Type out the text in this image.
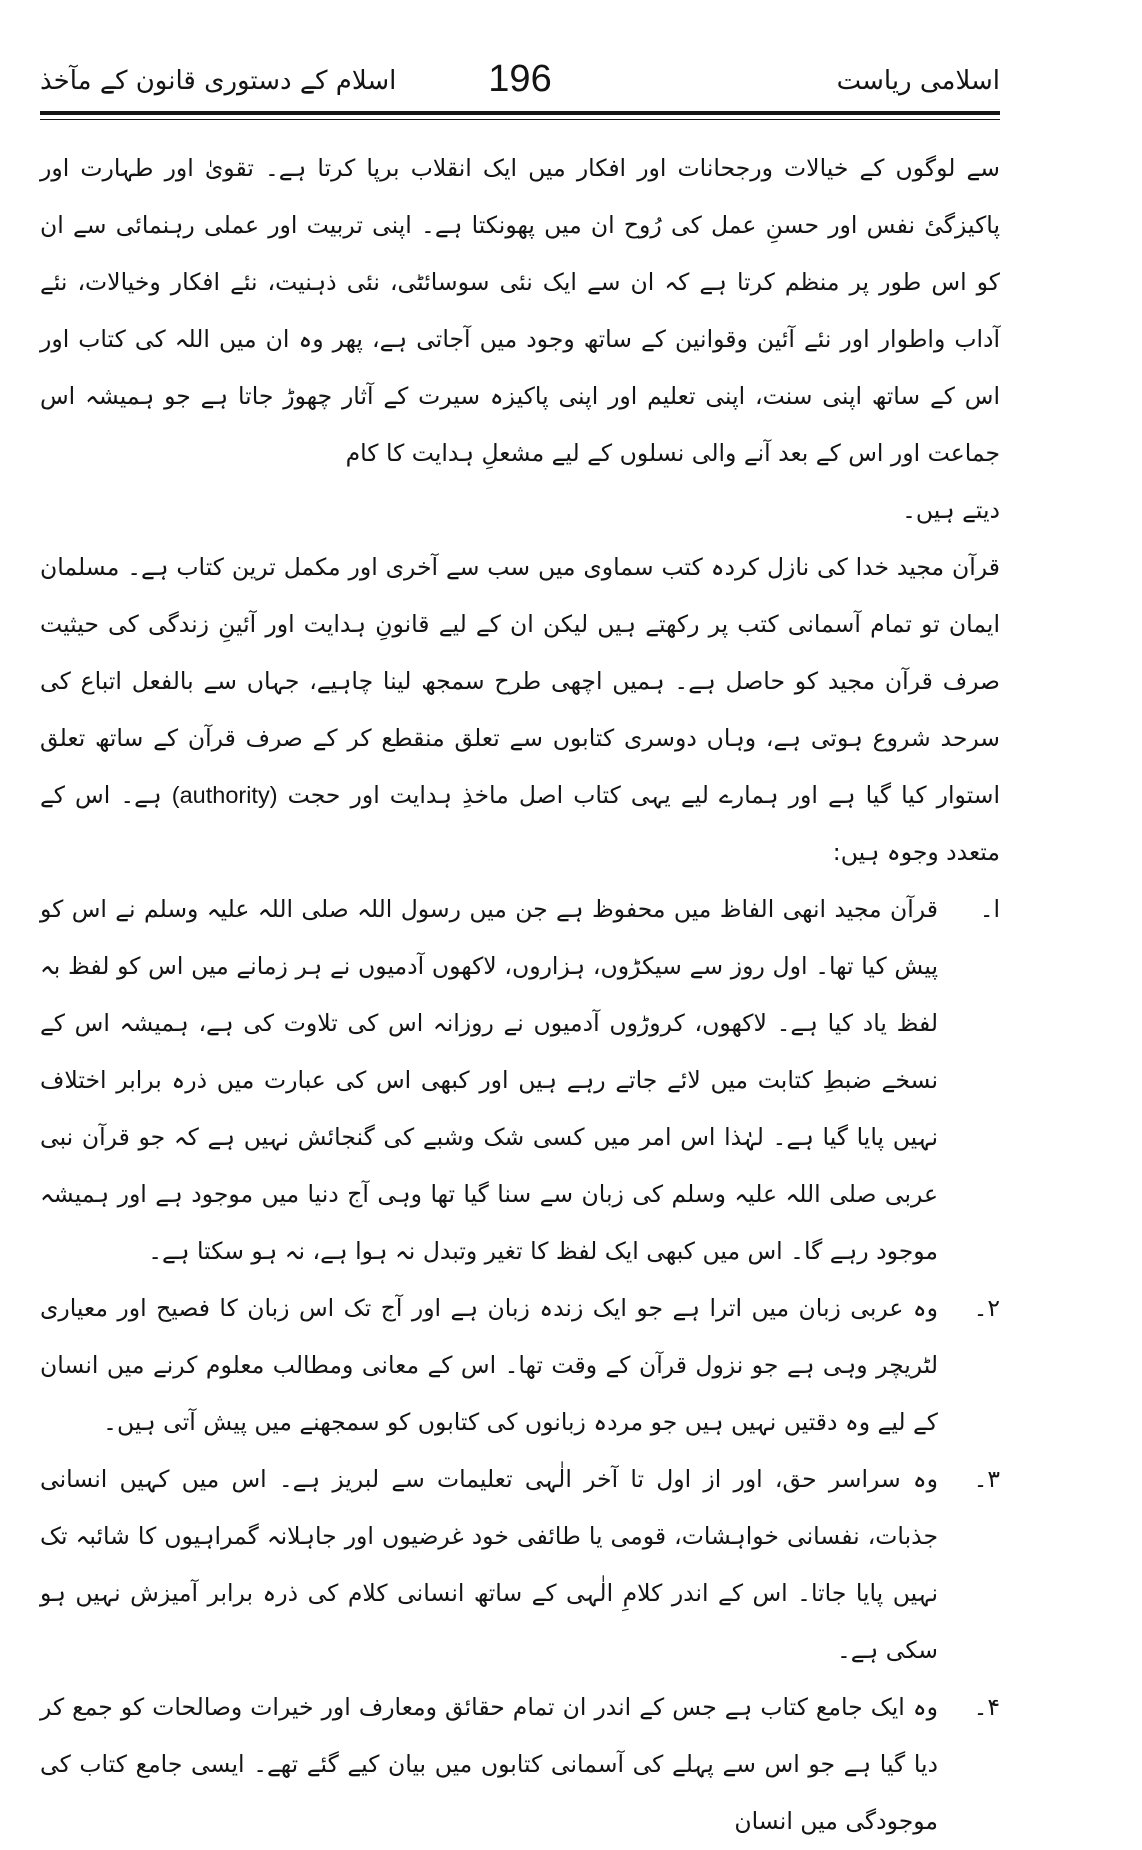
اسلامی ریاست
196
اسلام کے دستوری قانون کے مآخذ

سے لوگوں کے خیالات ورجحانات اور افکار میں ایک انقلاب برپا کرتا ہے۔ تقویٰ اور طہارت اور پاکیزگیٔ نفس اور حسنِ عمل کی رُوح ان میں پھونکتا ہے۔ اپنی تربیت اور عملی رہنمائی سے ان کو اس طور پر منظم کرتا ہے کہ ان سے ایک نئی سوسائٹی، نئی ذہنیت، نئے افکار وخیالات، نئے آداب واطوار اور نئے آئین وقوانین کے ساتھ وجود میں آجاتی ہے، پھر وہ ان میں اللہ کی کتاب اور اس کے ساتھ اپنی سنت، اپنی تعلیم اور اپنی پاکیزہ سیرت کے آثار چھوڑ جاتا ہے جو ہمیشہ اس جماعت اور اس کے بعد آنے والی نسلوں کے لیے مشعلِ ہدایت کا کام

دیتے ہیں۔

قرآن مجید خدا کی نازل کردہ کتب سماوی میں سب سے آخری اور مکمل ترین کتاب ہے۔ مسلمان ایمان تو تمام آسمانی کتب پر رکھتے ہیں لیکن ان کے لیے قانونِ ہدایت اور آئینِ زندگی کی حیثیت صرف قرآن مجید کو حاصل ہے۔ ہمیں اچھی طرح سمجھ لینا چاہیے، جہاں سے بالفعل اتباع کی سرحد شروع ہوتی ہے، وہاں دوسری کتابوں سے تعلق منقطع کر کے صرف قرآن کے ساتھ تعلق استوار کیا گیا ہے اور ہمارے لیے یہی کتاب اصل ماخذِ ہدایت اور حجت (authority) ہے۔ اس کے متعدد وجوہ ہیں:

ا۔
قرآن مجید انھی الفاظ میں محفوظ ہے جن میں رسول اللہ صلی اللہ علیہ وسلم نے اس کو پیش کیا تھا۔ اول روز سے سیکڑوں، ہزاروں، لاکھوں آدمیوں نے ہر زمانے میں اس کو لفظ بہ لفظ یاد کیا ہے۔ لاکھوں، کروڑوں آدمیوں نے روزانہ اس کی تلاوت کی ہے، ہمیشہ اس کے نسخے ضبطِ کتابت میں لائے جاتے رہے ہیں اور کبھی اس کی عبارت میں ذرہ برابر اختلاف نہیں پایا گیا ہے۔ لہٰذا اس امر میں کسی شک وشبے کی گنجائش نہیں ہے کہ جو قرآن نبی عربی صلی اللہ علیہ وسلم کی زبان سے سنا گیا تھا وہی آج دنیا میں موجود ہے اور ہمیشہ موجود رہے گا۔ اس میں کبھی ایک لفظ کا تغیر وتبدل نہ ہوا ہے، نہ ہو سکتا ہے۔
۲۔
وہ عربی زبان میں اترا ہے جو ایک زندہ زبان ہے اور آج تک اس زبان کا فصیح اور معیاری لٹریچر وہی ہے جو نزول قرآن کے وقت تھا۔ اس کے معانی ومطالب معلوم کرنے میں انسان کے لیے وہ دقتیں نہیں ہیں جو مردہ زبانوں کی کتابوں کو سمجھنے میں پیش آتی ہیں۔
۳۔
وہ سراسر حق، اور از اول تا آخر الٰہی تعلیمات سے لبریز ہے۔ اس میں کہیں انسانی جذبات، نفسانی خواہشات، قومی یا طائفی خود غرضیوں اور جاہلانہ گمراہیوں کا شائبہ تک نہیں پایا جاتا۔ اس کے اندر کلامِ الٰہی کے ساتھ انسانی کلام کی ذرہ برابر آمیزش نہیں ہو سکی ہے۔
۴۔
وہ ایک جامع کتاب ہے جس کے اندر ان تمام حقائق ومعارف اور خیرات وصالحات کو جمع کر دیا گیا ہے جو اس سے پہلے کی آسمانی کتابوں میں بیان کیے گئے تھے۔ ایسی جامع کتاب کی موجودگی میں انسان
